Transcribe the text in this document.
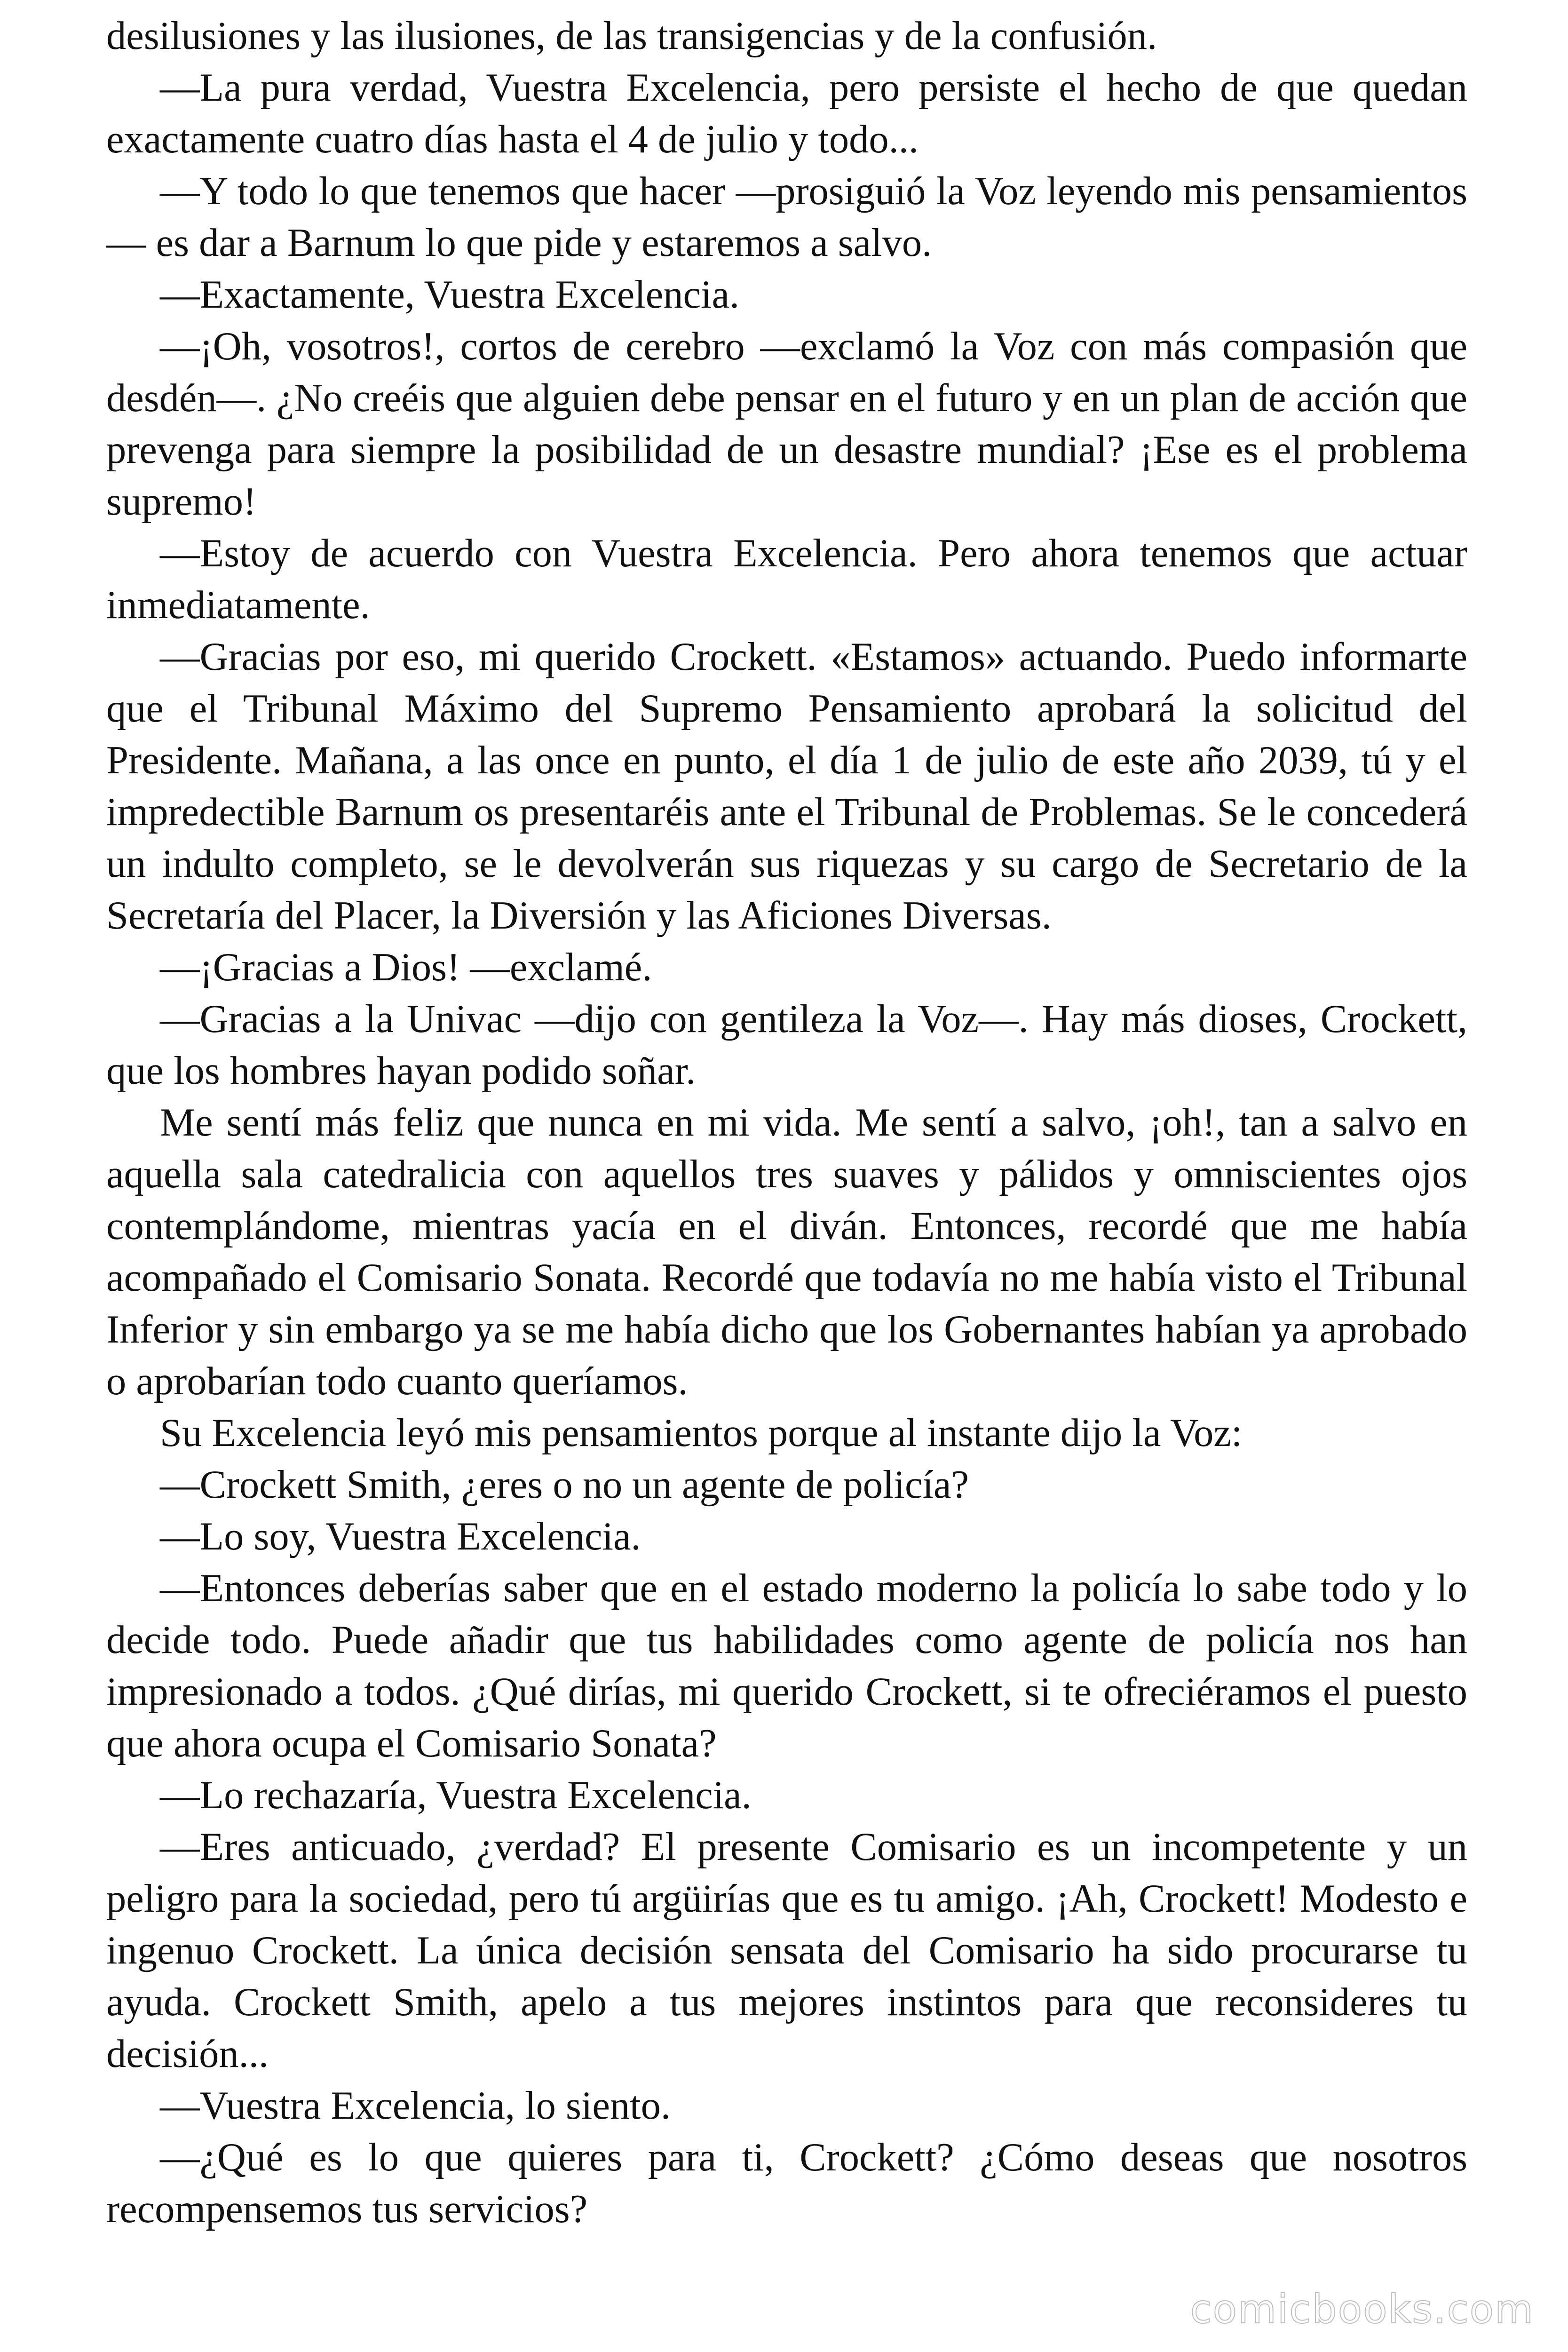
desilusiones y las ilusiones, de las transigencias y de la confusión.

—La pura verdad, Vuestra Excelencia, pero persiste el hecho de que quedan exactamente cuatro días hasta el 4 de julio y todo...

—Y todo lo que tenemos que hacer —prosiguió la Voz leyendo mis pensamientos— es dar a Barnum lo que pide y estaremos a salvo.

—Exactamente, Vuestra Excelencia.

—¡Oh, vosotros!, cortos de cerebro —exclamó la Voz con más compasión que desdén—. ¿No creéis que alguien debe pensar en el futuro y en un plan de acción que prevenga para siempre la posibilidad de un desastre mundial? ¡Ese es el problema supremo!

—Estoy de acuerdo con Vuestra Excelencia. Pero ahora tenemos que actuar inmediatamente.

—Gracias por eso, mi querido Crockett. «Estamos» actuando. Puedo informarte que el Tribunal Máximo del Supremo Pensamiento aprobará la solicitud del Presidente. Mañana, a las once en punto, el día 1 de julio de este año 2039, tú y el impredectible Barnum os presentaréis ante el Tribunal de Problemas. Se le concederá un indulto completo, se le devolverán sus riquezas y su cargo de Secretario de la Secretaría del Placer, la Diversión y las Aficiones Diversas.

—¡Gracias a Dios! —exclamé.

—Gracias a la Univac —dijo con gentileza la Voz—. Hay más dioses, Crockett, que los hombres hayan podido soñar.

Me sentí más feliz que nunca en mi vida. Me sentí a salvo, ¡oh!, tan a salvo en aquella sala catedralicia con aquellos tres suaves y pálidos y omniscientes ojos contemplándome, mientras yacía en el diván. Entonces, recordé que me había acompañado el Comisario Sonata. Recordé que todavía no me había visto el Tribunal Inferior y sin embargo ya se me había dicho que los Gobernantes habían ya aprobado o aprobarían todo cuanto queríamos.

Su Excelencia leyó mis pensamientos porque al instante dijo la Voz:

—Crockett Smith, ¿eres o no un agente de policía?

—Lo soy, Vuestra Excelencia.

—Entonces deberías saber que en el estado moderno la policía lo sabe todo y lo decide todo. Puede añadir que tus habilidades como agente de policía nos han impresionado a todos. ¿Qué dirías, mi querido Crockett, si te ofreciéramos el puesto que ahora ocupa el Comisario Sonata?

—Lo rechazaría, Vuestra Excelencia.

—Eres anticuado, ¿verdad? El presente Comisario es un incompetente y un peligro para la sociedad, pero tú argüirías que es tu amigo. ¡Ah, Crockett! Modesto e ingenuo Crockett. La única decisión sensata del Comisario ha sido procurarse tu ayuda. Crockett Smith, apelo a tus mejores instintos para que reconsideres tu decisión...

—Vuestra Excelencia, lo siento.

—¿Qué es lo que quieres para ti, Crockett? ¿Cómo deseas que nosotros recompensemos tus servicios?

comicbooks.com
